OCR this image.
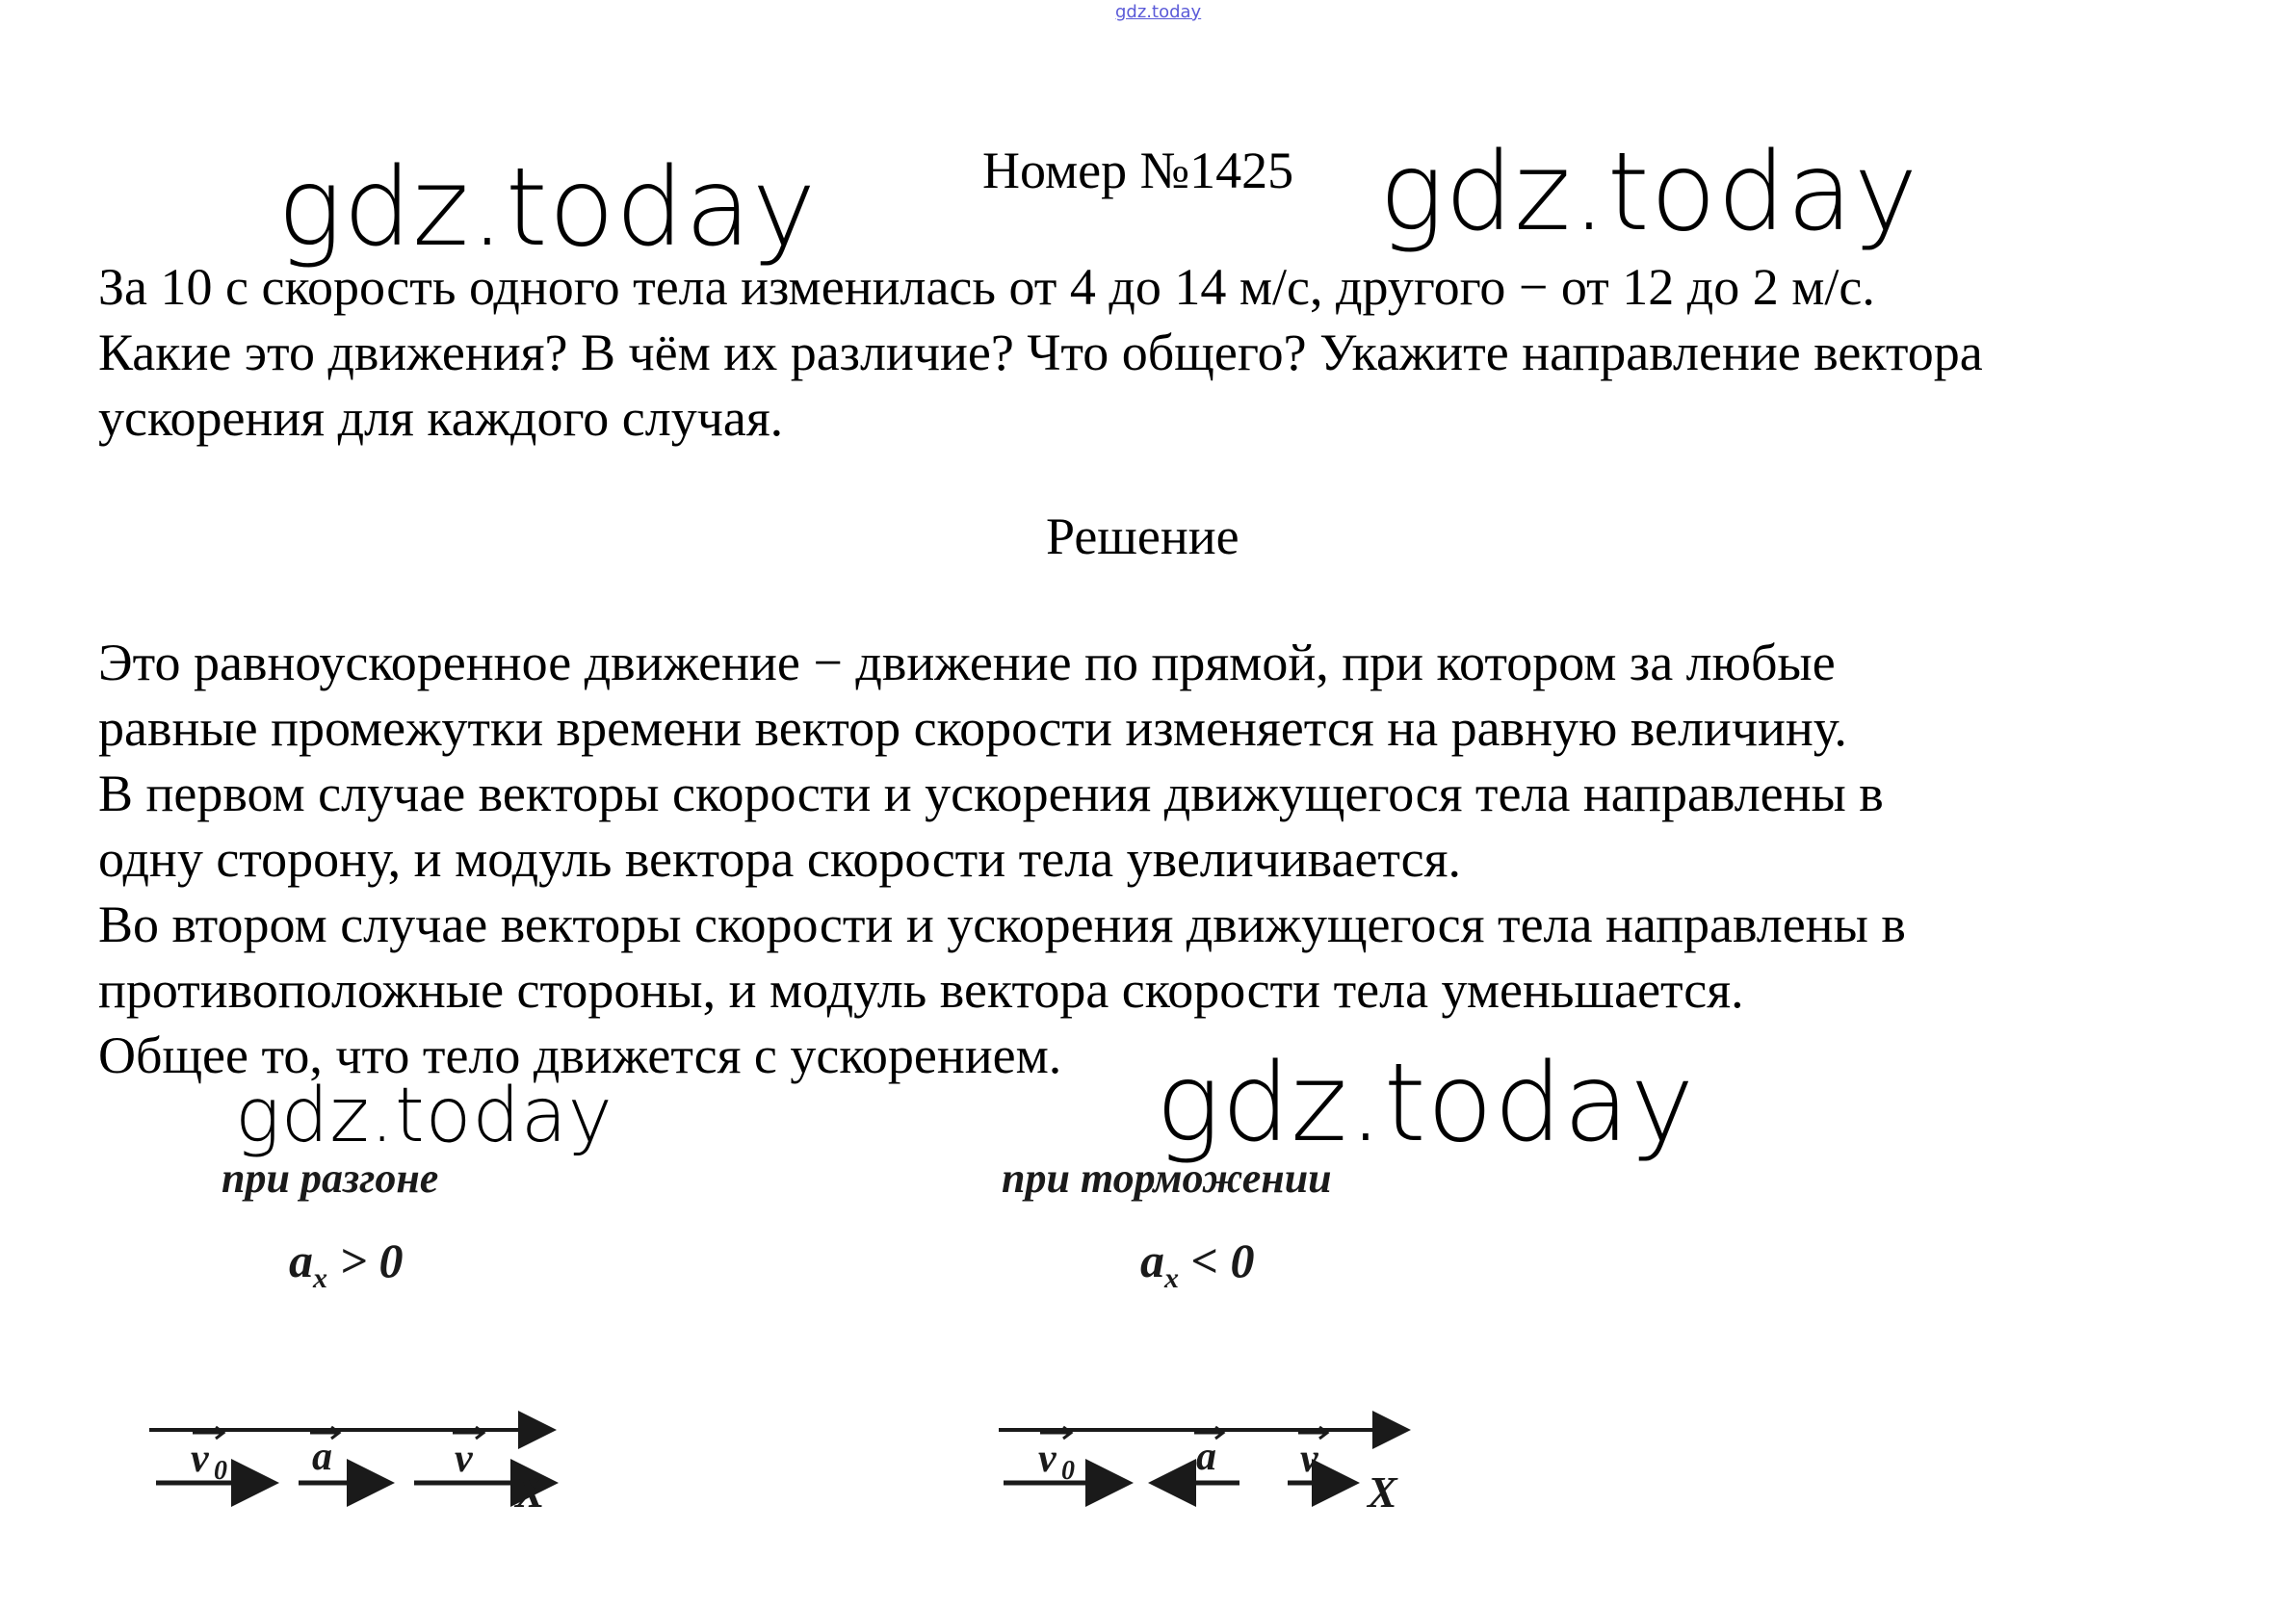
gdz.today
Номер №1425
gdz.today	gdz.today
gdz.today	gdz.today
За 10 с скорость одного тела изменилась от 4 до 14 м/с, другого − от 12 до 2 м/с.
Какие это движения? В чём их различие? Что общего? Укажите направление вектора
ускорения для каждого случая.
Решение
Это равноускоренное движение − движение по прямой, при котором за любые
равные промежутки времени вектор скорости изменяется на равную величину.
В первом случае векторы скорости и ускорения движущегося тела направлены в
одну сторону, и модуль вектора скорости тела увеличивается.
Во втором случае векторы скорости и ускорения движущегося тела направлены в
противоположные стороны, и модуль вектора скорости тела уменьшается.
Общее то, что тело движется с ускорением.
при разгоне
$a_x > 0$
v 0 a	v
X
при торможении
$a_x < 0$
v 0	a v
X
